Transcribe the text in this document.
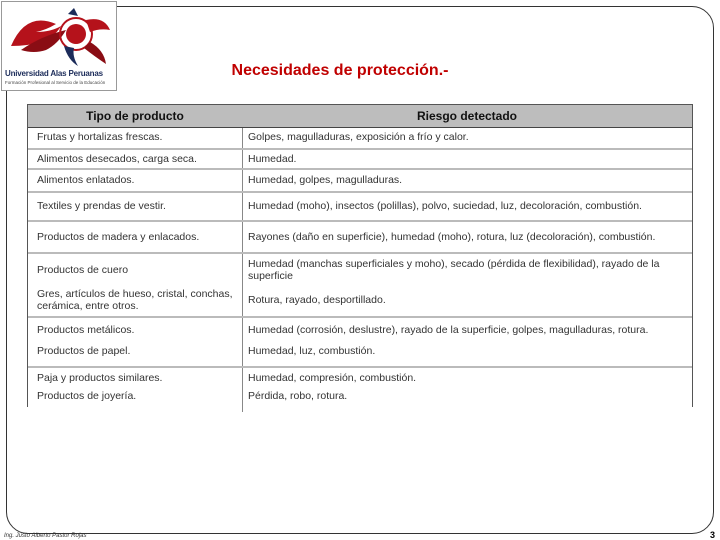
Universidad Alas Peruanas
Formación Profesional al Servicio de la Educación
Necesidades de protección.-
Tipo de producto	Riesgo detectado
Frutas y hortalizas frescas.	Golpes, magulladuras, exposición a frío y calor.
Alimentos desecados, carga seca.	Humedad.
Alimentos enlatados.	Humedad, golpes, magulladuras.
Textiles y prendas de vestir.	Humedad (moho), insectos (polillas), polvo, suciedad, luz, decoloración, combustión.
Productos de madera y enlacados.	Rayones (daño en superficie), humedad (moho), rotura, luz (decoloración), combustión.
Productos de cuero	Humedad (manchas superficiales y moho), secado (pérdida de flexibilidad), rayado de la superficie
Gres, artículos de hueso, cristal, conchas, cerámica, entre otros.	Rotura, rayado, desportillado.
Productos metálicos.	Humedad (corrosión, deslustre), rayado de la superficie, golpes, magulladuras, rotura.
Productos de papel.	Humedad, luz, combustión.
Paja y productos similares.	Humedad, compresión, combustión.
Productos de joyería.	Pérdida, robo, rotura.
Ing. Justo Alberto Pastor Rojas	3
